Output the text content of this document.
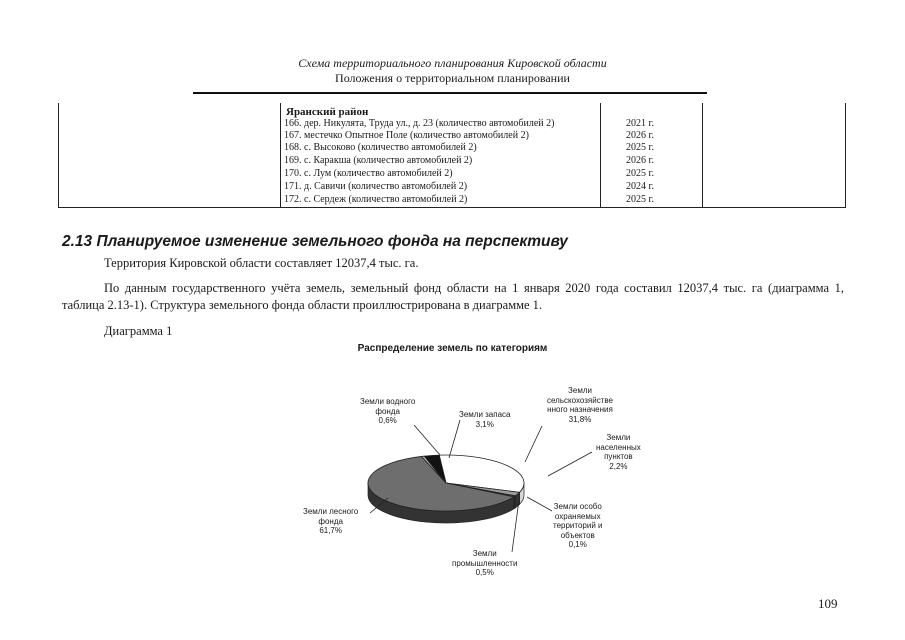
Схема территориального планирования Кировской области
Положения о территориальном планировании
Яранский район
166. дер. Никулята, Труда ул., д. 23 (количество автомобилей 2)	2021 г.
167. местечко Опытное Поле (количество автомобилей 2)	2026 г.
168. с. Высоково (количество автомобилей 2)	2025 г.
169. с. Каракша (количество автомобилей 2)	2026 г.
170. с. Лум (количество автомобилей 2)	2025 г.
171. д. Савичи (количество автомобилей 2)	2024 г.
172. с. Сердеж (количество автомобилей 2)	2025 г.
2.13 Планируемое изменение земельного фонда на перспективу
Территория Кировской области составляет 12037,4 тыс. га.
По данным государственного учёта земель, земельный фонд области на 1 января 2020 года составил 12037,4 тыс. га (диаграмма 1, таблица 2.13-1). Структура земельного фонда области проиллюстрирована в диаграмме 1.
Диаграмма 1
Распределение земель по категориям
Земли
сельскохозяйстве
нного назначения
31,8%
Земли
населенных
пунктов
2,2%
Земли особо
охраняемых
территорий и
объектов
0,1%
Земли
промышленности
0,5%
Земли лесного
фонда
61,7%
Земли водного
фонда
0,6%
Земли запаса
3,1%
109
